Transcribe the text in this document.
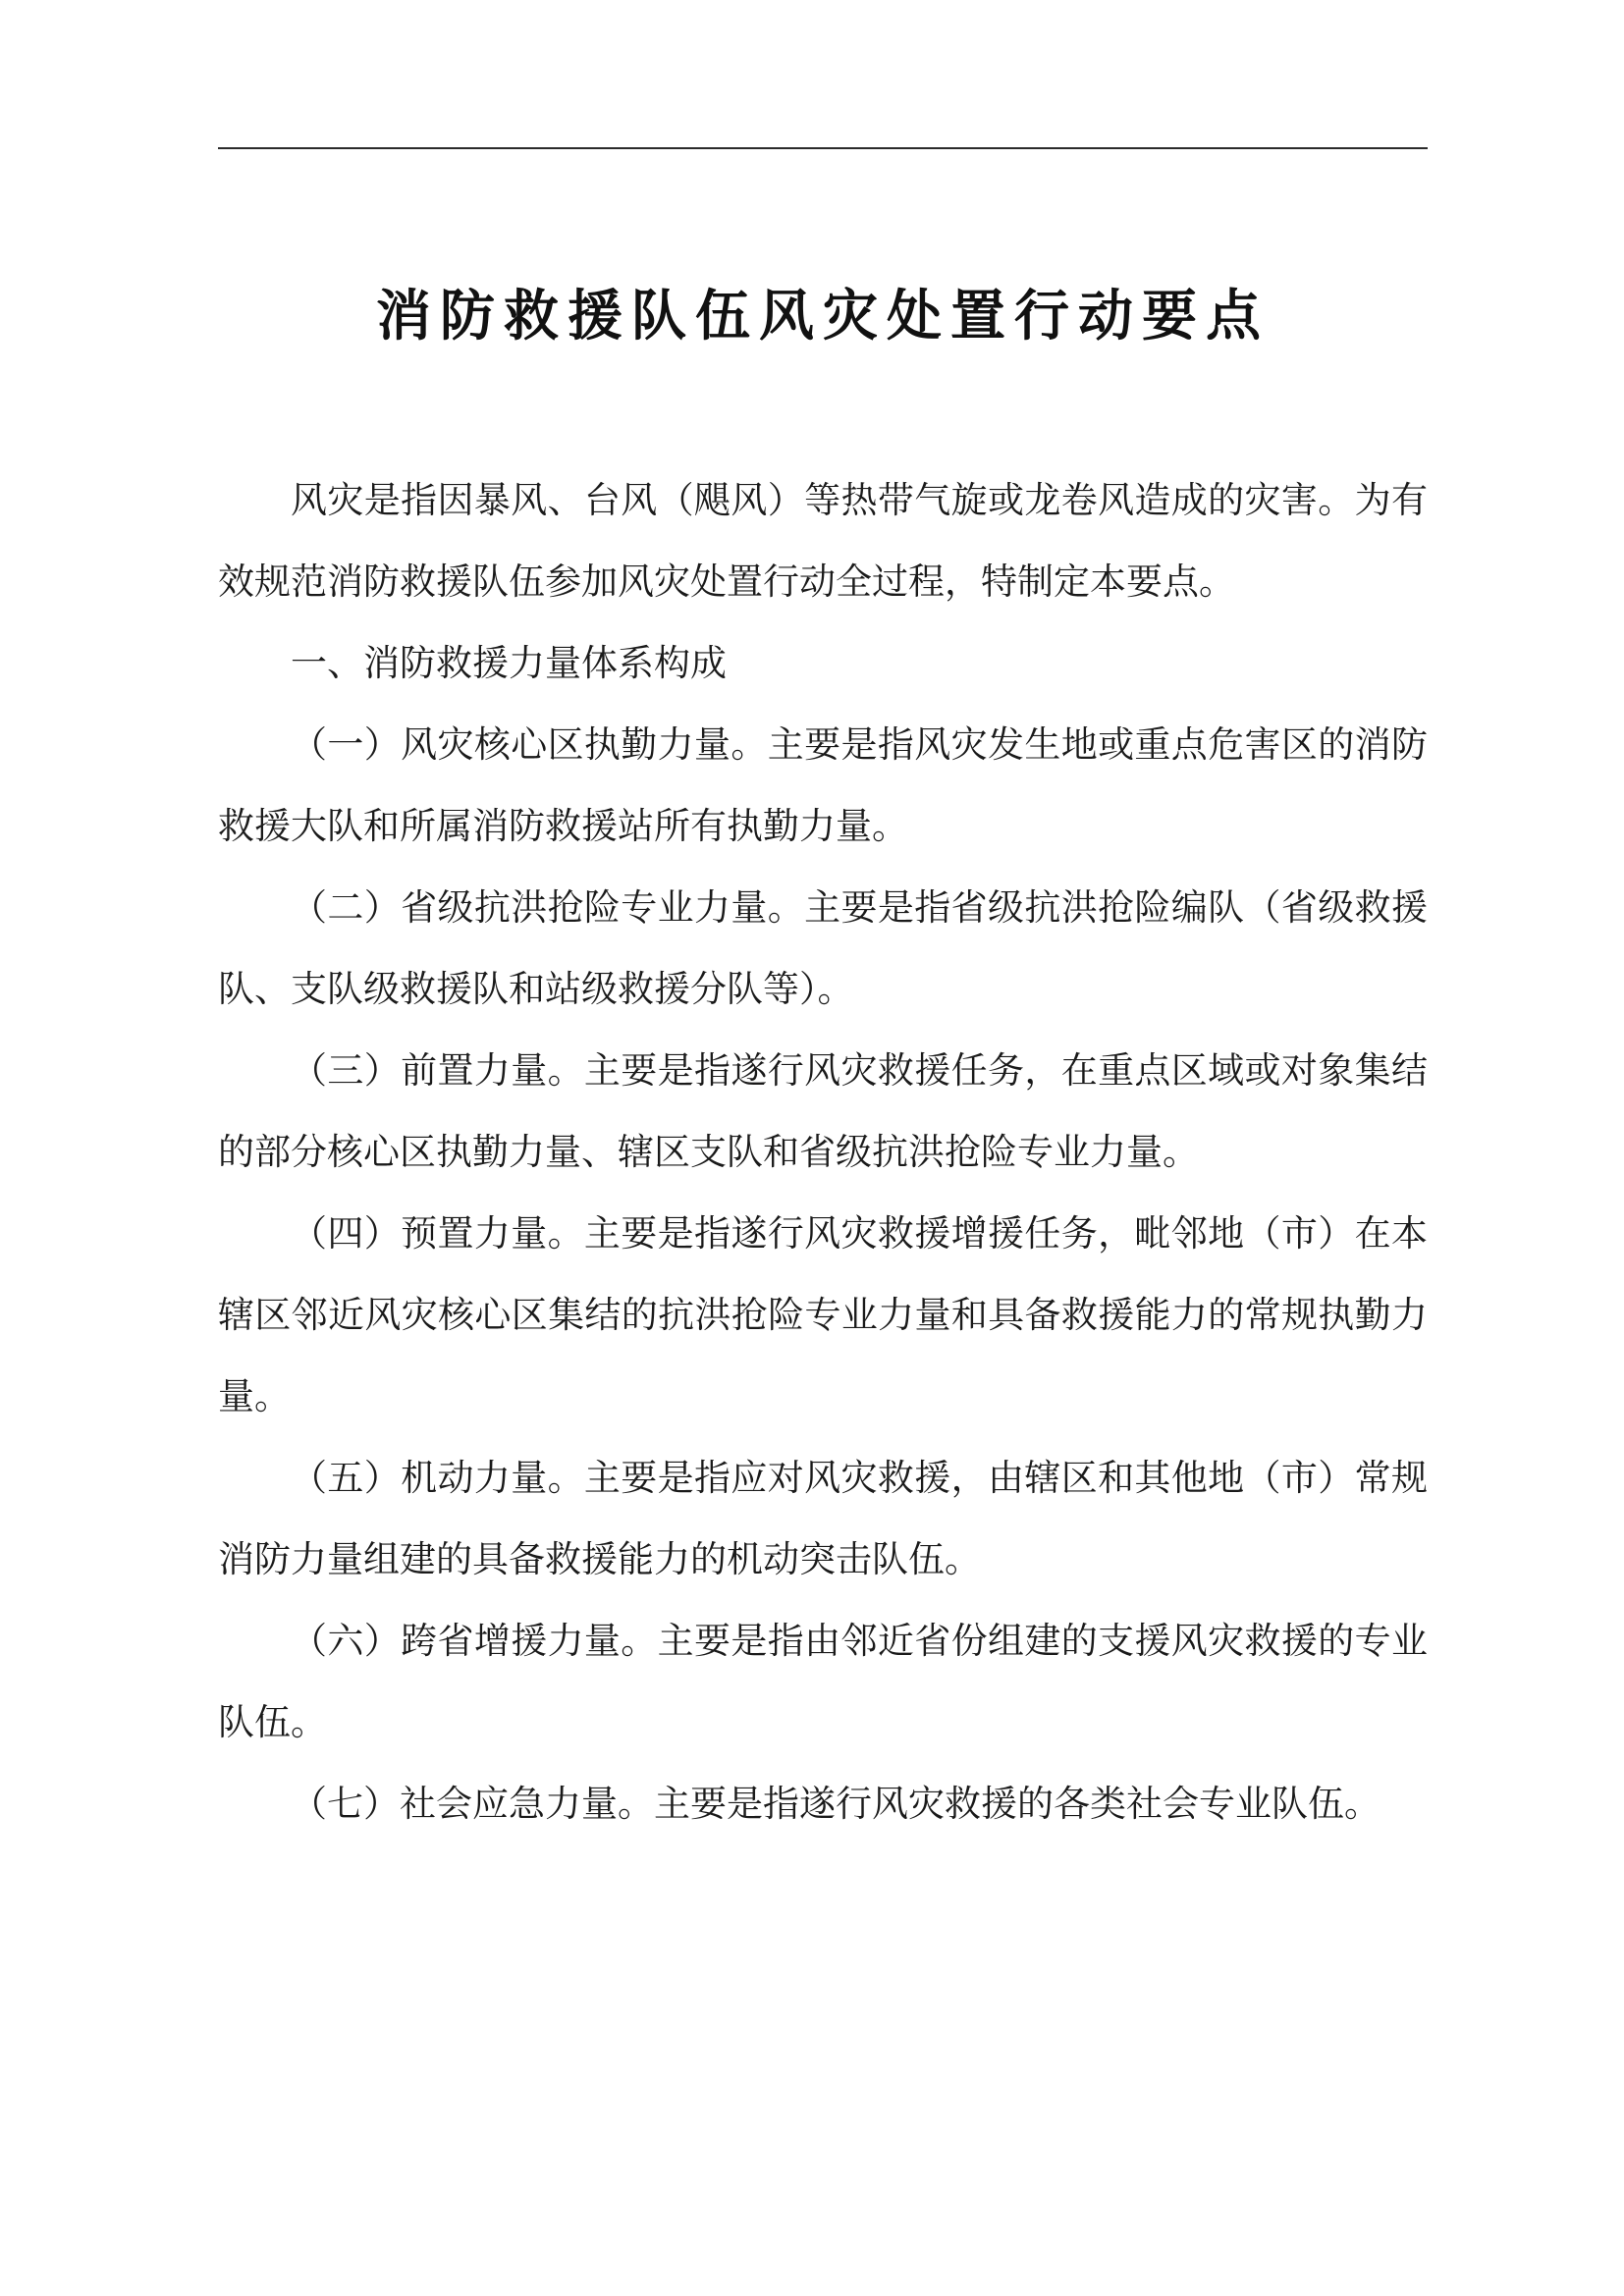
消防救援队伍风灾处置行动要点

风灾是指因暴风、台风（飓风）等热带气旋或龙卷风造成的灾害。为有效规范消防救援队伍参加风灾处置行动全过程，特制定本要点。

一、消防救援力量体系构成

（一）风灾核心区执勤力量。主要是指风灾发生地或重点危害区的消防救援大队和所属消防救援站所有执勤力量。

（二）省级抗洪抢险专业力量。主要是指省级抗洪抢险编队（省级救援队、支队级救援队和站级救援分队等）。

（三）前置力量。主要是指遂行风灾救援任务，在重点区域或对象集结的部分核心区执勤力量、辖区支队和省级抗洪抢险专业力量。

（四）预置力量。主要是指遂行风灾救援增援任务，毗邻地（市）在本辖区邻近风灾核心区集结的抗洪抢险专业力量和具备救援能力的常规执勤力量。

（五）机动力量。主要是指应对风灾救援，由辖区和其他地（市）常规消防力量组建的具备救援能力的机动突击队伍。

（六）跨省增援力量。主要是指由邻近省份组建的支援风灾救援的专业队伍。

（七）社会应急力量。主要是指遂行风灾救援的各类社会专业队伍。
